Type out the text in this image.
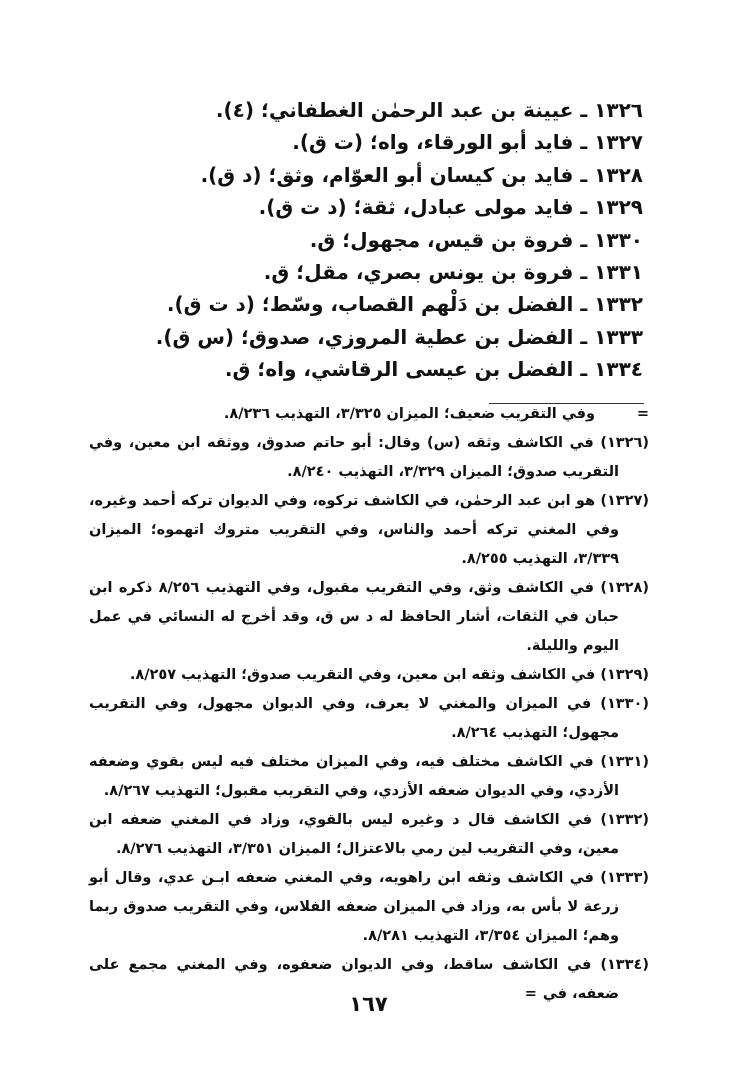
١٣٢٦ ـ عيينة بن عبد الرحمٰن الغطفاني؛ (٤).
١٣٢٧ ـ فايد أبو الورقاء، واه؛ (ت ق).
١٣٢٨ ـ فايد بن كيسان أبو العوّام، وثق؛ (د ق).
١٣٢٩ ـ فايد مولى عبادل، ثقة؛ (د ت ق).
١٣٣٠ ـ فروة بن قيس، مجهول؛ ق.
١٣٣١ ـ فروة بن يونس بصري، مقل؛ ق.
١٣٣٢ ـ الفضل بن دَلْهم القصاب، وسّط؛ (د ت ق).
١٣٣٣ ـ الفضل بن عطية المروزي، صدوق؛ (س ق).
١٣٣٤ ـ الفضل بن عيسى الرقاشي، واه؛ ق.
=وفي التقريب ضعيف؛ الميزان ٣/٣٢٥، التهذيب ٨/٢٣٦.
(١٣٢٦) في الكاشف وثقه (س) وقال: أبو حاتم صدوق، ووثقه ابن معين، وفي التقريب صدوق؛ الميزان ٣/٣٢٩، التهذيب ٨/٢٤٠.
(١٣٢٧) هو ابن عبد الرحمٰن، في الكاشف تركوه، وفي الديوان تركه أحمد وغيره، وفي المغني تركه أحمد والناس، وفي التقريب متروك اتهموه؛ الميزان ٣/٣٣٩، التهذيب ٨/٢٥٥.
(١٣٢٨) في الكاشف وثق، وفي التقريب مقبول، وفي التهذيب ٨/٢٥٦ ذكره ابن حبان في الثقات، أشار الحافظ له د س ق، وقد أخرج له النسائي في عمل اليوم والليلة.
(١٣٢٩) في الكاشف وثقه ابن معين، وفي التقريب صدوق؛ التهذيب ٨/٢٥٧.
(١٣٣٠) في الميزان والمغني لا يعرف، وفي الديوان مجهول، وفي التقريب مجهول؛ التهذيب ٨/٢٦٤.
(١٣٣١) في الكاشف مختلف فيه، وفي الميزان مختلف فيه ليس بقوي وضعفه الأزدي، وفي الديوان ضعفه الأزدي، وفي التقريب مقبول؛ التهذيب ٨/٢٦٧.
(١٣٣٢) في الكاشف قال د وغيره ليس بالقوي، وزاد في المغني ضعفه ابن معين، وفي التقريب لين رمي بالاعتزال؛ الميزان ٣/٣٥١، التهذيب ٨/٢٧٦.
(١٣٣٣) في الكاشف وثقه ابن راهويه، وفي المغني ضعفه ابـن عدي، وقال أبو زرعة لا بأس به، وزاد في الميزان ضعفه الفلاس، وفي التقريب صدوق ربما وهم؛ الميزان ٣/٣٥٤، التهذيب ٨/٢٨١.
(١٣٣٤) في الكاشف ساقط، وفي الديوان ضعفوه، وفي المغني مجمع على ضعفه، في=
١٦٧
